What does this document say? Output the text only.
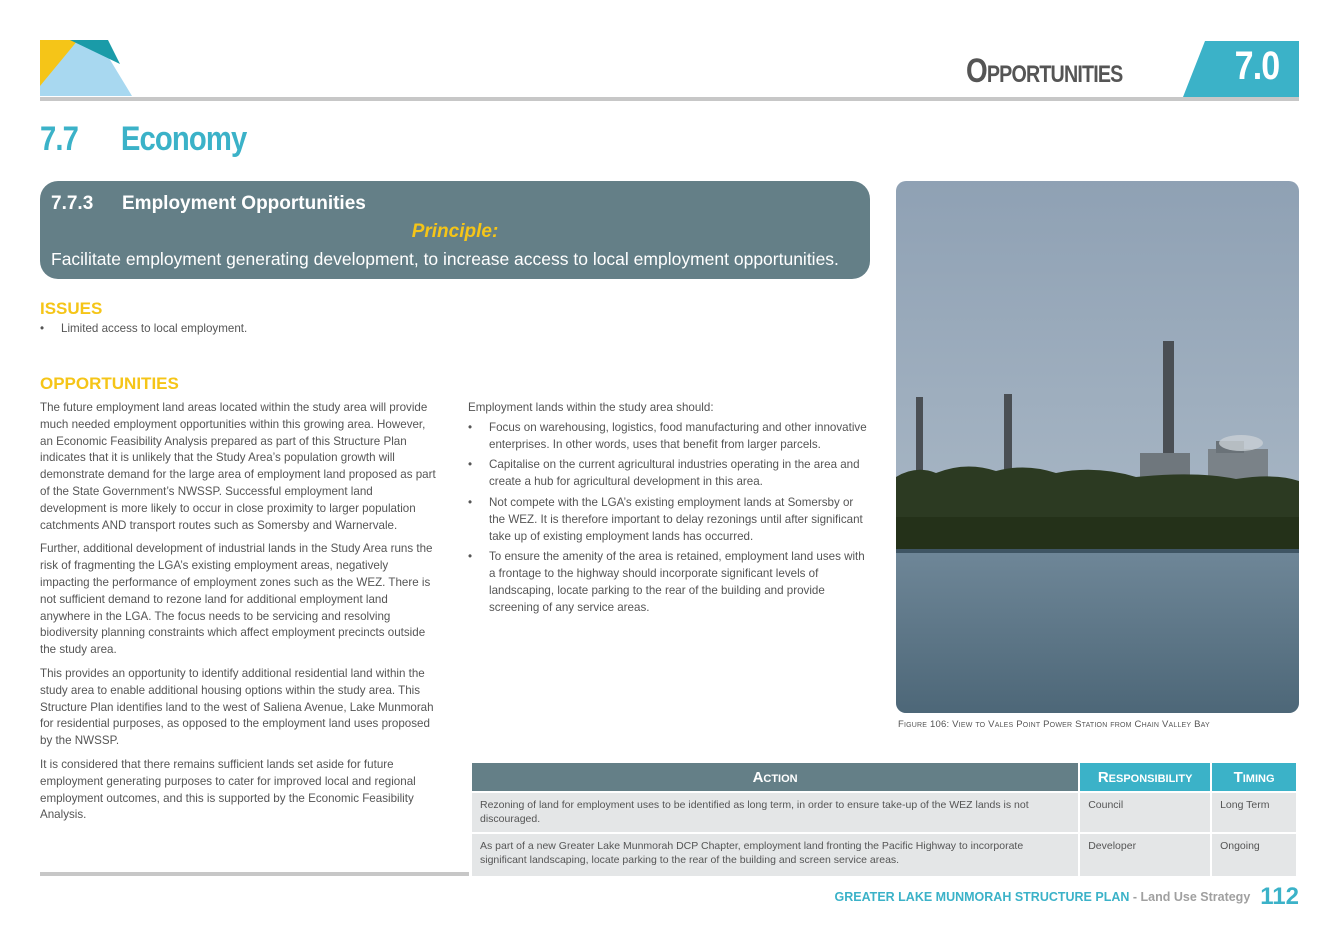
Opportunities	7.0
7.7 Economy
7.7.3 Employment Opportunities
Principle:
Facilitate employment generating development, to increase access to local employment opportunities.
ISSUES
• Limited access to local employment.
OPPORTUNITIES

The future employment land areas located within the study area will provide much needed employment opportunities within this growing area. However, an Economic Feasibility Analysis prepared as part of this Structure Plan indicates that it is unlikely that the Study Area’s population growth will demonstrate demand for the large area of employment land proposed as part of the State Government’s NWSSP. Successful employment land development is more likely to occur in close proximity to larger population catchments AND transport routes such as Somersby and Warnervale.

Further, additional development of industrial lands in the Study Area runs the risk of fragmenting the LGA’s existing employment areas, negatively impacting the performance of employment zones such as the WEZ. There is not sufficient demand to rezone land for additional employment land anywhere in the LGA. The focus needs to be servicing and resolving biodiversity planning constraints which affect employment precincts outside the study area.

This provides an opportunity to identify additional residential land within the study area to enable additional housing options within the study area. This Structure Plan identifies land to the west of Saliena Avenue, Lake Munmorah for residential purposes, as opposed to the employment land uses proposed by the NWSSP.

It is considered that there remains sufficient lands set aside for future employment generating purposes to cater for improved local and regional employment outcomes, and this is supported by the Economic Feasibility Analysis.

Employment lands within the study area should:

• Focus on warehousing, logistics, food manufacturing and other innovative enterprises. In other words, uses that benefit from larger parcels.
• Capitalise on the current agricultural industries operating in the area and create a hub for agricultural development in this area.
• Not compete with the LGA’s existing employment lands at Somersby or the WEZ. It is therefore important to delay rezonings until after significant take up of existing employment lands has occurred.
• To ensure the amenity of the area is retained, employment land uses with a frontage to the highway should incorporate significant levels of landscaping, locate parking to the rear of the building and provide screening of any service areas.
Figure 106: View to Vales Point Power Station from Chain Valley Bay
Action	Responsibility	Timing
Rezoning of land for employment uses to be identified as long term, in order to ensure take-up of the WEZ lands is not discouraged.	Council	Long Term
As part of a new Greater Lake Munmorah DCP Chapter, employment land fronting the Pacific Highway to incorporate significant landscaping, locate parking to the rear of the building and screen service areas.	Developer	Ongoing
GREATER LAKE MUNMORAH STRUCTURE PLAN - Land Use Strategy 112
